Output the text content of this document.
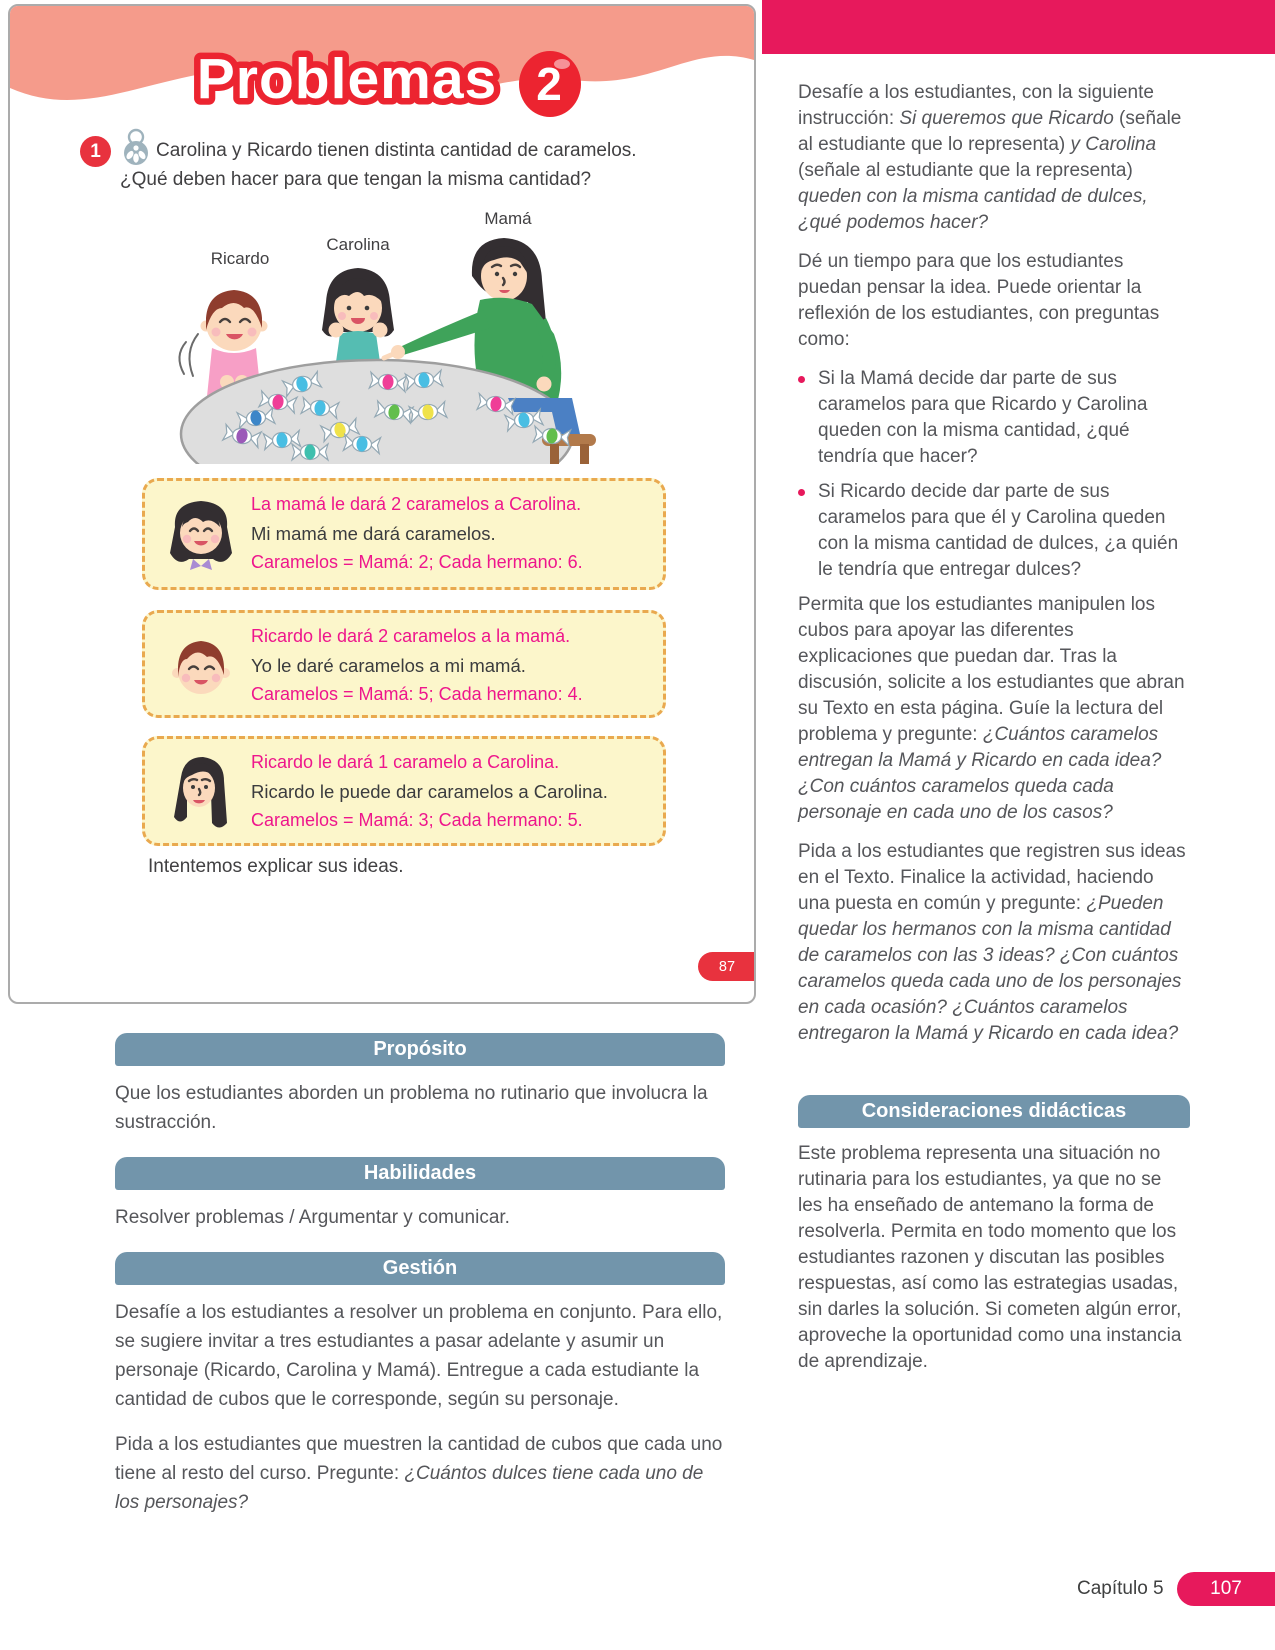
Problemas 2
1	Carolina y Ricardo tienen distinta cantidad de caramelos.
¿Qué deben hacer para que tengan la misma cantidad?
Ricardo
Carolina
Mamá
La mamá le dará 2 caramelos a Carolina.
Mi mamá me dará caramelos.
Caramelos = Mamá: 2; Cada hermano: 6.
Ricardo le dará 2 caramelos a la mamá.
Yo le daré caramelos a mi mamá.
Caramelos = Mamá: 5; Cada hermano: 4.
Ricardo le dará 1 caramelo a Carolina.
Ricardo le puede dar caramelos a Carolina.
Caramelos = Mamá: 3; Cada hermano: 5.
Intentemos explicar sus ideas.
87
Propósito

Que los estudiantes aborden un problema no rutinario que involucra la sustracción.

Habilidades

Resolver problemas / Argumentar y comunicar.

Gestión

Desafíe a los estudiantes a resolver un problema en conjunto. Para ello, se sugiere invitar a tres estudiantes a pasar adelante y asumir un personaje (Ricardo, Carolina y Mamá). Entregue a cada estudiante la cantidad de cubos que le corresponde, según su personaje.

Pida a los estudiantes que muestren la cantidad de cubos que cada uno tiene al resto del curso. Pregunte: ¿Cuántos dulces tiene cada uno de los personajes?

Desafíe a los estudiantes, con la siguiente instrucción: Si queremos que Ricardo (señale al estudiante que lo representa) y Carolina (señale al estudiante que la representa) queden con la misma cantidad de dulces, ¿qué podemos hacer?

Dé un tiempo para que los estudiantes puedan pensar la idea. Puede orientar la reflexión de los estudiantes, con preguntas como:

Si la Mamá decide dar parte de sus caramelos para que Ricardo y Carolina queden con la misma cantidad, ¿qué tendría que hacer?

Si Ricardo decide dar parte de sus caramelos para que él y Carolina queden con la misma cantidad de dulces, ¿a quién le tendría que entregar dulces?

Permita que los estudiantes manipulen los cubos para apoyar las diferentes explicaciones que puedan dar. Tras la discusión, solicite a los estudiantes que abran su Texto en esta página. Guíe la lectura del problema y pregunte: ¿Cuántos caramelos entregan la Mamá y Ricardo en cada idea? ¿Con cuántos caramelos queda cada personaje en cada uno de los casos?

Pida a los estudiantes que registren sus ideas en el Texto. Finalice la actividad, haciendo una puesta en común y pregunte: ¿Pueden quedar los hermanos con la misma cantidad de caramelos con las 3 ideas? ¿Con cuántos caramelos queda cada uno de los personajes en cada ocasión? ¿Cuántos caramelos entregaron la Mamá y Ricardo en cada idea?

Consideraciones didácticas

Este problema representa una situación no rutinaria para los estudiantes, ya que no se les ha enseñado de antemano la forma de resolverla. Permita en todo momento que los estudiantes razonen y discutan las posibles respuestas, así como las estrategias usadas, sin darles la solución. Si cometen algún error, aproveche la oportunidad como una instancia de aprendizaje.

Capítulo 5	107
